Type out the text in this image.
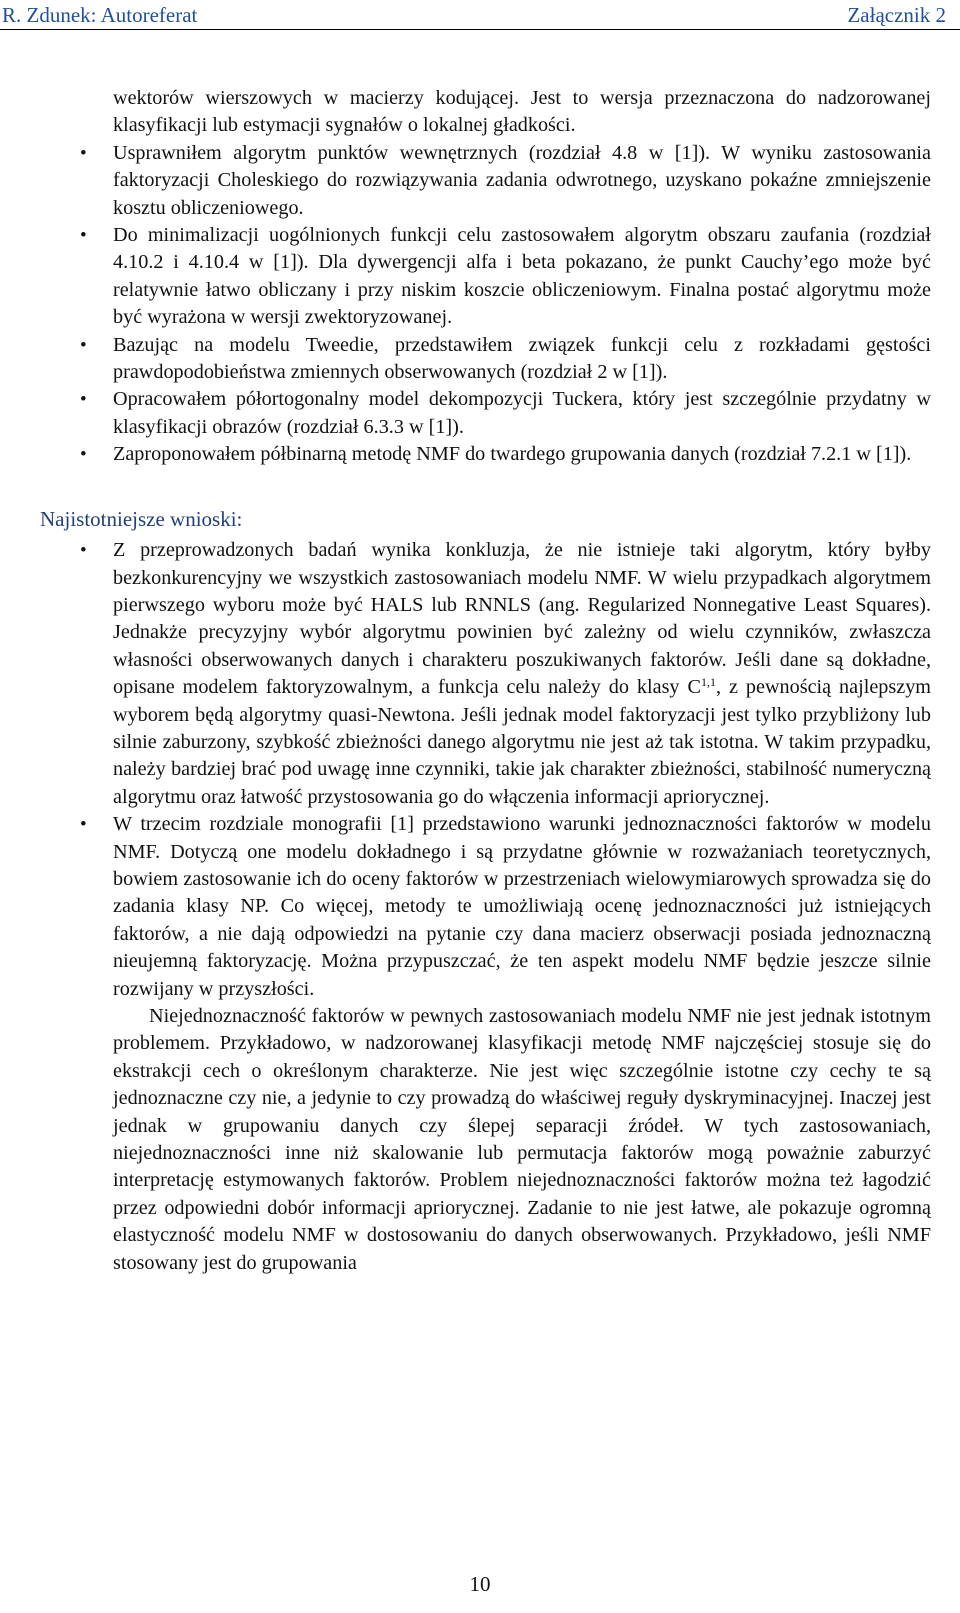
R. Zdunek: Autoreferat	Załącznik 2

wektorów wierszowych w macierzy kodującej. Jest to wersja przeznaczona do nadzorowanej klasyfikacji lub estymacji sygnałów o lokalnej gładkości.

• Usprawniłem algorytm punktów wewnętrznych (rozdział 4.8 w [1]). W wyniku zastosowania faktoryzacji Choleskiego do rozwiązywania zadania odwrotnego, uzyskano pokaźne zmniejszenie kosztu obliczeniowego.
• Do minimalizacji uogólnionych funkcji celu zastosowałem algorytm obszaru zaufania (rozdział 4.10.2 i 4.10.4 w [1]). Dla dywergencji alfa i beta pokazano, że punkt Cauchy’ego może być relatywnie łatwo obliczany i przy niskim koszcie obliczeniowym. Finalna postać algorytmu może być wyrażona w wersji zwektoryzowanej.
• Bazując na modelu Tweedie, przedstawiłem związek funkcji celu z rozkładami gęstości prawdopodobieństwa zmiennych obserwowanych (rozdział 2 w [1]).
• Opracowałem półortogonalny model dekompozycji Tuckera, który jest szczególnie przydatny w klasyfikacji obrazów (rozdział 6.3.3 w [1]).
• Zaproponowałem półbinarną metodę NMF do twardego grupowania danych (rozdział 7.2.1 w [1]).

Najistotniejsze wnioski:

• Z przeprowadzonych badań wynika konkluzja, że nie istnieje taki algorytm, który byłby bezkonkurencyjny we wszystkich zastosowaniach modelu NMF. W wielu przypadkach algorytmem pierwszego wyboru może być HALS lub RNNLS (ang. Regularized Nonnegative Least Squares). Jednakże precyzyjny wybór algorytmu powinien być zależny od wielu czynników, zwłaszcza własności obserwowanych danych i charakteru poszukiwanych faktorów. Jeśli dane są dokładne, opisane modelem faktoryzowalnym, a funkcja celu należy do klasy C$^{1,1}$, z pewnością najlepszym wyborem będą algorytmy quasi-Newtona. Jeśli jednak model faktoryzacji jest tylko przybliżony lub silnie zaburzony, szybkość zbieżności danego algorytmu nie jest aż tak istotna. W takim przypadku, należy bardziej brać pod uwagę inne czynniki, takie jak charakter zbieżności, stabilność numeryczną algorytmu oraz łatwość przystosowania go do włączenia informacji apriorycznej.
• W trzecim rozdziale monografii [1] przedstawiono warunki jednoznaczności faktorów w modelu NMF. Dotyczą one modelu dokładnego i są przydatne głównie w rozważaniach teoretycznych, bowiem zastosowanie ich do oceny faktorów w przestrzeniach wielowymiarowych sprowadza się do zadania klasy NP. Co więcej, metody te umożliwiają ocenę jednoznaczności już istniejących faktorów, a nie dają odpowiedzi na pytanie czy dana macierz obserwacji posiada jednoznaczną nieujemną faktoryzację. Można przypuszczać, że ten aspekt modelu NMF będzie jeszcze silnie rozwijany w przyszłości.

Niejednoznaczność faktorów w pewnych zastosowaniach modelu NMF nie jest jednak istotnym problemem. Przykładowo, w nadzorowanej klasyfikacji metodę NMF najczęściej stosuje się do ekstrakcji cech o określonym charakterze. Nie jest więc szczególnie istotne czy cechy te są jednoznaczne czy nie, a jedynie to czy prowadzą do właściwej reguły dyskryminacyjnej. Inaczej jest jednak w grupowaniu danych czy ślepej separacji źródeł. W tych zastosowaniach, niejednoznaczności inne niż skalowanie lub permutacja faktorów mogą poważnie zaburzyć interpretację estymowanych faktorów. Problem niejednoznaczności faktorów można też łagodzić przez odpowiedni dobór informacji apriorycznej. Zadanie to nie jest łatwe, ale pokazuje ogromną elastyczność modelu NMF w dostosowaniu do danych obserwowanych. Przykładowo, jeśli NMF stosowany jest do grupowania

10
